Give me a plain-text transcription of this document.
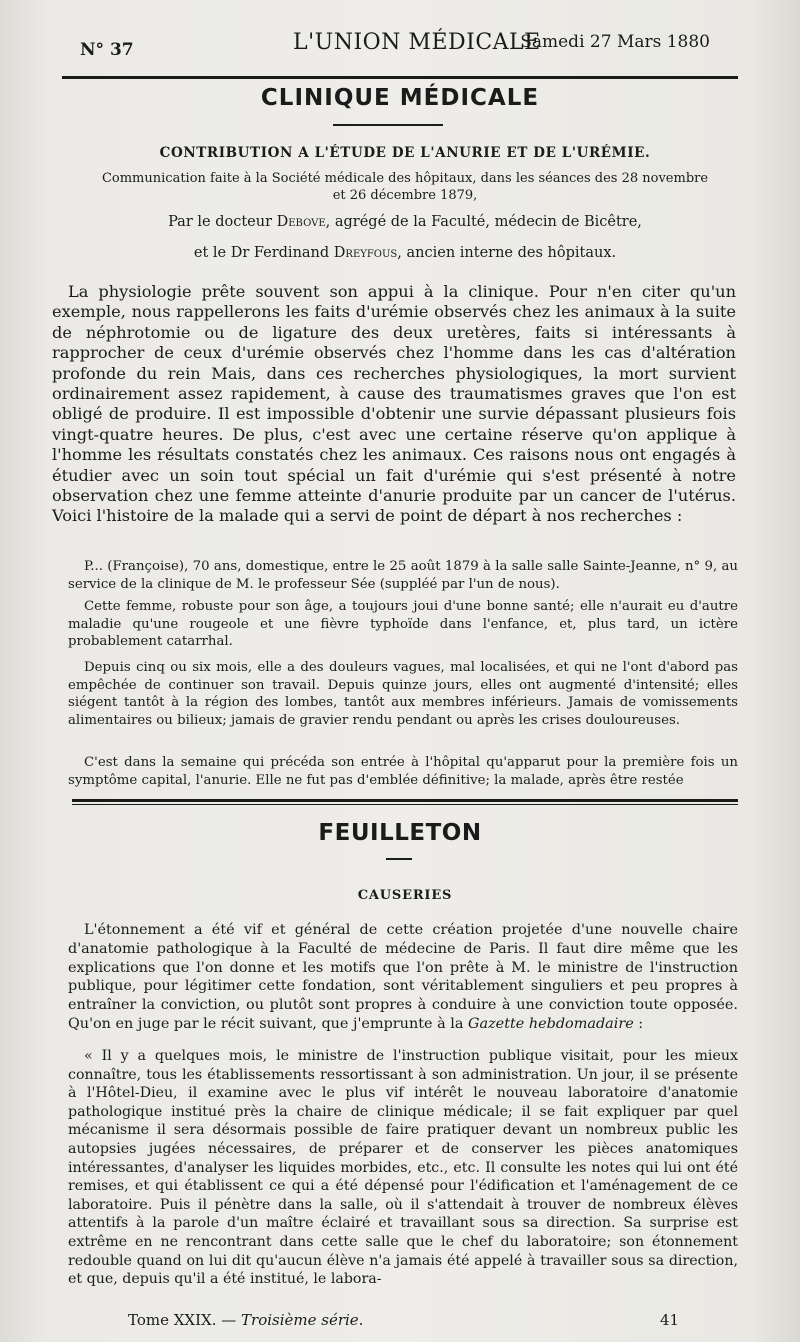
N° 37	L'UNION MÉDICALE
Samedi 27 Mars 1880
CLINIQUE MÉDICALE

CONTRIBUTION A L'ÉTUDE DE L'ANURIE ET DE L'URÉMIE.

Communication faite à la Société médicale des hôpitaux, dans les séances des 28 novembre
et 26 décembre 1879,

Par le docteur Debove, agrégé de la Faculté, médecin de Bicêtre,

et le Dr Ferdinand Dreyfous, ancien interne des hôpitaux.

La physiologie prête souvent son appui à la clinique. Pour n'en citer qu'un exemple, nous rappellerons les faits d'urémie observés chez les animaux à la suite de néphrotomie ou de ligature des deux uretères, faits si intéressants à rapprocher de ceux d'urémie observés chez l'homme dans les cas d'altération profonde du rein Mais, dans ces recherches physiologiques, la mort survient ordinairement assez rapidement, à cause des traumatismes graves que l'on est obligé de produire. Il est impossible d'obtenir une survie dépassant plusieurs fois vingt-quatre heures. De plus, c'est avec une certaine réserve qu'on applique à l'homme les résultats constatés chez les animaux. Ces raisons nous ont engagés à étudier avec un soin tout spécial un fait d'urémie qui s'est présenté à notre observation chez une femme atteinte d'anurie produite par un cancer de l'utérus. Voici l'histoire de la malade qui a servi de point de départ à nos recherches :

P... (Françoise), 70 ans, domestique, entre le 25 août 1879 à la salle salle Sainte-Jeanne, n° 9, au service de la clinique de M. le professeur Sée (suppléé par l'un de nous).

Cette femme, robuste pour son âge, a toujours joui d'une bonne santé; elle n'aurait eu d'autre maladie qu'une rougeole et une fièvre typhoïde dans l'enfance, et, plus tard, un ictère probablement catarrhal.

Depuis cinq ou six mois, elle a des douleurs vagues, mal localisées, et qui ne l'ont d'abord pas empêchée de continuer son travail. Depuis quinze jours, elles ont augmenté d'intensité; elles siégent tantôt à la région des lombes, tantôt aux membres inférieurs. Jamais de vomissements alimentaires ou bilieux; jamais de gravier rendu pendant ou après les crises douloureuses.

C'est dans la semaine qui précéda son entrée à l'hôpital qu'apparut pour la première fois un symptôme capital, l'anurie. Elle ne fut pas d'emblée définitive; la malade, après être restée

FEUILLETON

CAUSERIES

L'étonnement a été vif et général de cette création projetée d'une nouvelle chaire d'anatomie pathologique à la Faculté de médecine de Paris. Il faut dire même que les explications que l'on donne et les motifs que l'on prête à M. le ministre de l'instruction publique, pour légitimer cette fondation, sont véritablement singuliers et peu propres à entraîner la conviction, ou plutôt sont propres à conduire à une conviction toute opposée. Qu'on en juge par le récit suivant, que j'emprunte à la Gazette hebdomadaire :

« Il y a quelques mois, le ministre de l'instruction publique visitait, pour les mieux connaître, tous les établissements ressortissant à son administration. Un jour, il se présente à l'Hôtel-Dieu, il examine avec le plus vif intérêt le nouveau laboratoire d'anatomie pathologique institué près la chaire de clinique médicale; il se fait expliquer par quel mécanisme il sera désormais possible de faire pratiquer devant un nombreux public les autopsies jugées nécessaires, de préparer et de conserver les pièces anatomiques intéressantes, d'analyser les liquides morbides, etc., etc. Il consulte les notes qui lui ont été remises, et qui établissent ce qui a été dépensé pour l'édification et l'aménagement de ce laboratoire. Puis il pénètre dans la salle, où il s'attendait à trouver de nombreux élèves attentifs à la parole d'un maître éclairé et travaillant sous sa direction. Sa surprise est extrême en ne rencontrant dans cette salle que le chef du laboratoire; son étonnement redouble quand on lui dit qu'aucun élève n'a jamais été appelé à travailler sous sa direction, et que, depuis qu'il a été institué, le labora-

Tome XXIX. — Troisième série.	41
